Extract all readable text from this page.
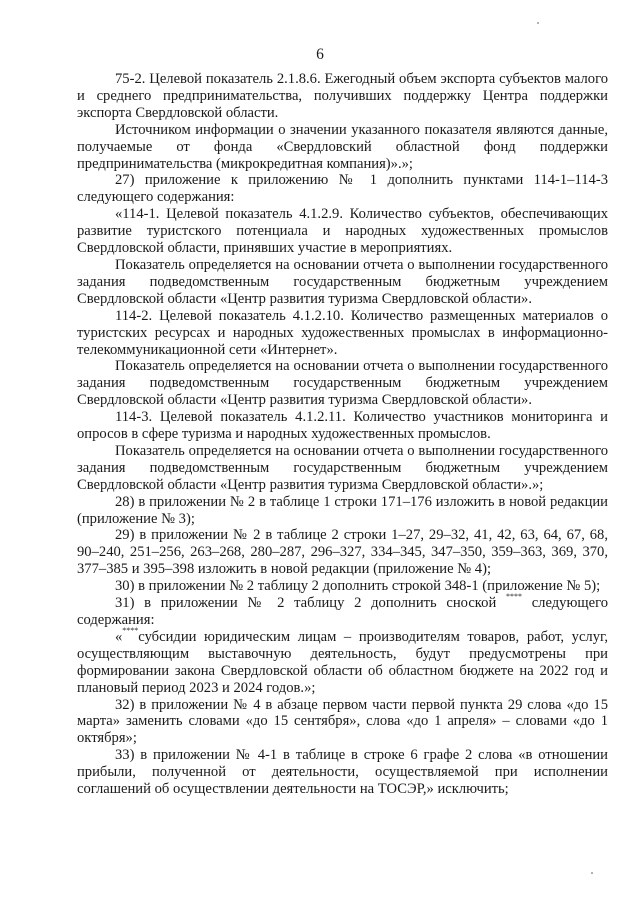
6

75-2. Целевой показатель 2.1.8.6. Ежегодный объем экспорта субъектов малого и среднего предпринимательства, получивших поддержку Центра поддержки экспорта Свердловской области.

Источником информации о значении указанного показателя являются данные, получаемые от фонда «Свердловский областной фонд поддержки предпринимательства (микрокредитная компания)».»;

27) приложение к приложению № 1 дополнить пунктами 114-1–114-3 следующего содержания:

«114-1. Целевой показатель 4.1.2.9. Количество субъектов, обеспечивающих развитие туристского потенциала и народных художественных промыслов Свердловской области, принявших участие в мероприятиях.

Показатель определяется на основании отчета о выполнении государственного задания подведомственным государственным бюджетным учреждением Свердловской области «Центр развития туризма Свердловской области».

114-2. Целевой показатель 4.1.2.10. Количество размещенных материалов о туристских ресурсах и народных художественных промыслах в информационно-телекоммуникационной сети «Интернет».

Показатель определяется на основании отчета о выполнении государственного задания подведомственным государственным бюджетным учреждением Свердловской области «Центр развития туризма Свердловской области».

114-3. Целевой показатель 4.1.2.11. Количество участников мониторинга и опросов в сфере туризма и народных художественных промыслов.

Показатель определяется на основании отчета о выполнении государственного задания подведомственным государственным бюджетным учреждением Свердловской области «Центр развития туризма Свердловской области».»;

28) в приложении № 2 в таблице 1 строки 171–176 изложить в новой редакции (приложение № 3);

29) в приложении № 2 в таблице 2 строки 1–27, 29–32, 41, 42, 63, 64, 67, 68, 90–240, 251–256, 263–268, 280–287, 296–327, 334–345, 347–350, 359–363, 369, 370, 377–385 и 395–398 изложить в новой редакции (приложение № 4);

30) в приложении № 2 таблицу 2 дополнить строкой 348-1 (приложение № 5);

31) в приложении № 2 таблицу 2 дополнить сноской **** следующего содержания:

«****субсидии юридическим лицам – производителям товаров, работ, услуг, осуществляющим выставочную деятельность, будут предусмотрены при формировании закона Свердловской области об областном бюджете на 2022 год и плановый период 2023 и 2024 годов.»;

32) в приложении № 4 в абзаце первом части первой пункта 29 слова «до 15 марта» заменить словами «до 15 сентября», слова «до 1 апреля» – словами «до 1 октября»;

33) в приложении № 4-1 в таблице в строке 6 графе 2 слова «в отношении прибыли, полученной от деятельности, осуществляемой при исполнении соглашений об осуществлении деятельности на ТОСЭР,» исключить;
